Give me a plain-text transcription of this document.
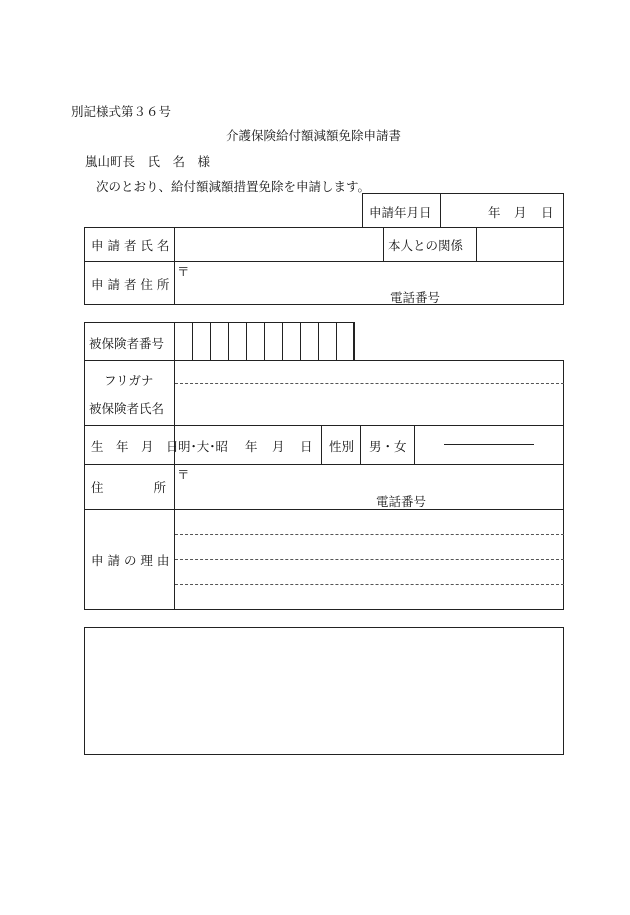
別記様式第３６号
介護保険給付額減額免除申請書
嵐山町長　氏　名　様
次のとおり、給付額減額措置免除を申請します。
申請年月日	年 月 日
申 請 者 氏 名	本人との関係
申 請 者 住 所
〒
電話番号
被保険者番号
フリガナ
被保険者氏名
生　年　月　日 明･大･昭 年 月 日 性別 男・女
住　　　　所
〒
電話番号
申 請 の 理 由
